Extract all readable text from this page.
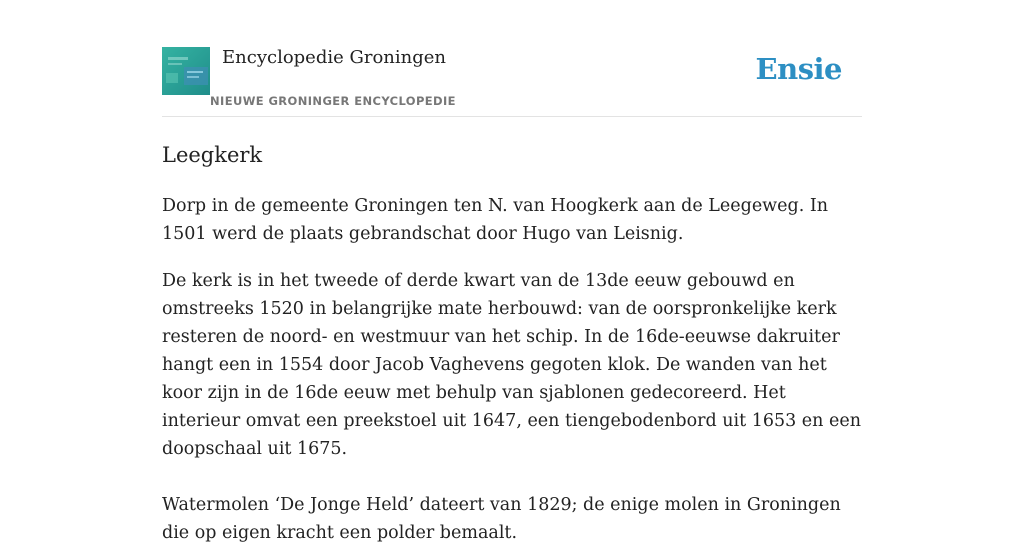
Encyclopedie Groningen
NIEUWE GRONINGER ENCYCLOPEDIE
Ensie
Leegkerk

Dorp in de gemeente Groningen ten N. van Hoogkerk aan de Leegeweg. In 1501 werd de plaats gebrandschat door Hugo van Leisnig.

De kerk is in het tweede of derde kwart van de 13de eeuw gebouwd en omstreeks 1520 in belangrijke mate herbouwd: van de oorspronkelijke kerk resteren de noord- en westmuur van het schip. In de 16de-eeuwse dakruiter hangt een in 1554 door Jacob Vaghevens gegoten klok. De wanden van het koor zijn in de 16de eeuw met behulp van sjablonen gedecoreerd. Het interieur omvat een preekstoel uit 1647, een tiengebodenbord uit 1653 en een doopschaal uit 1675.

Watermolen ‘De Jonge Held’ dateert van 1829; de enige molen in Groningen die op eigen kracht een polder bemaalt.
